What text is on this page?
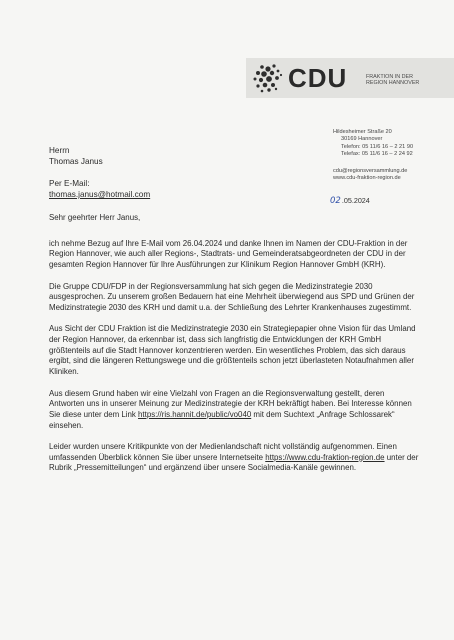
CDU	FRAKTION IN DER
REGION HANNOVER
Herrn
Thomas Janus
Per E-Mail:
thomas.janus@hotmail.com
Hildesheimer Straße 20

30169 Hannover
Telefon: 05 11/6 16 – 2 21 90
Telefax: 05 11/6 16 – 2 24 92
cdu@regionsversammlung.de
www.cdu-fraktion-region.de
02.05.2024

Sehr geehrter Herr Janus,

ich nehme Bezug auf Ihre E-Mail vom 26.04.2024 und danke Ihnen im Namen der CDU-Fraktion in der Region Hannover, wie auch aller Regions-, Stadtrats- und Gemeinderatsabgeordneten der CDU in der gesamten Region Hannover für Ihre Ausführungen zur Klinikum Region Hannover GmbH (KRH).

Die Gruppe CDU/FDP in der Regionsversammlung hat sich gegen die Medizinstrategie 2030 ausgesprochen. Zu unserem großen Bedauern hat eine Mehrheit überwiegend aus SPD und Grünen der Medizinstrategie 2030 des KRH und damit u.a. der Schließung des Lehrter Krankenhauses zugestimmt.

Aus Sicht der CDU Fraktion ist die Medizinstrategie 2030 ein Strategiepapier ohne Vision für das Umland der Region Hannover, da erkennbar ist, dass sich langfristig die Entwicklungen der KRH GmbH größtenteils auf die Stadt Hannover konzentrieren werden. Ein wesentliches Problem, das sich daraus ergibt, sind die längeren Rettungswege und die größtenteils schon jetzt überlasteten Notaufnahmen aller Kliniken.

Aus diesem Grund haben wir eine Vielzahl von Fragen an die Regionsverwaltung gestellt, deren Antworten uns in unserer Meinung zur Medizinstrategie der KRH bekräftigt haben. Bei Interesse können Sie diese unter dem Link https://ris.hannit.de/public/vo040 mit dem Suchtext „Anfrage Schlossarek“ einsehen.

Leider wurden unsere Kritikpunkte von der Medienlandschaft nicht vollständig aufgenommen. Einen umfassenden Überblick können Sie über unsere Internetseite https://www.cdu-fraktion-region.de unter der Rubrik „Pressemitteilungen“ und ergänzend über unsere Socialmedia-Kanäle gewinnen.
